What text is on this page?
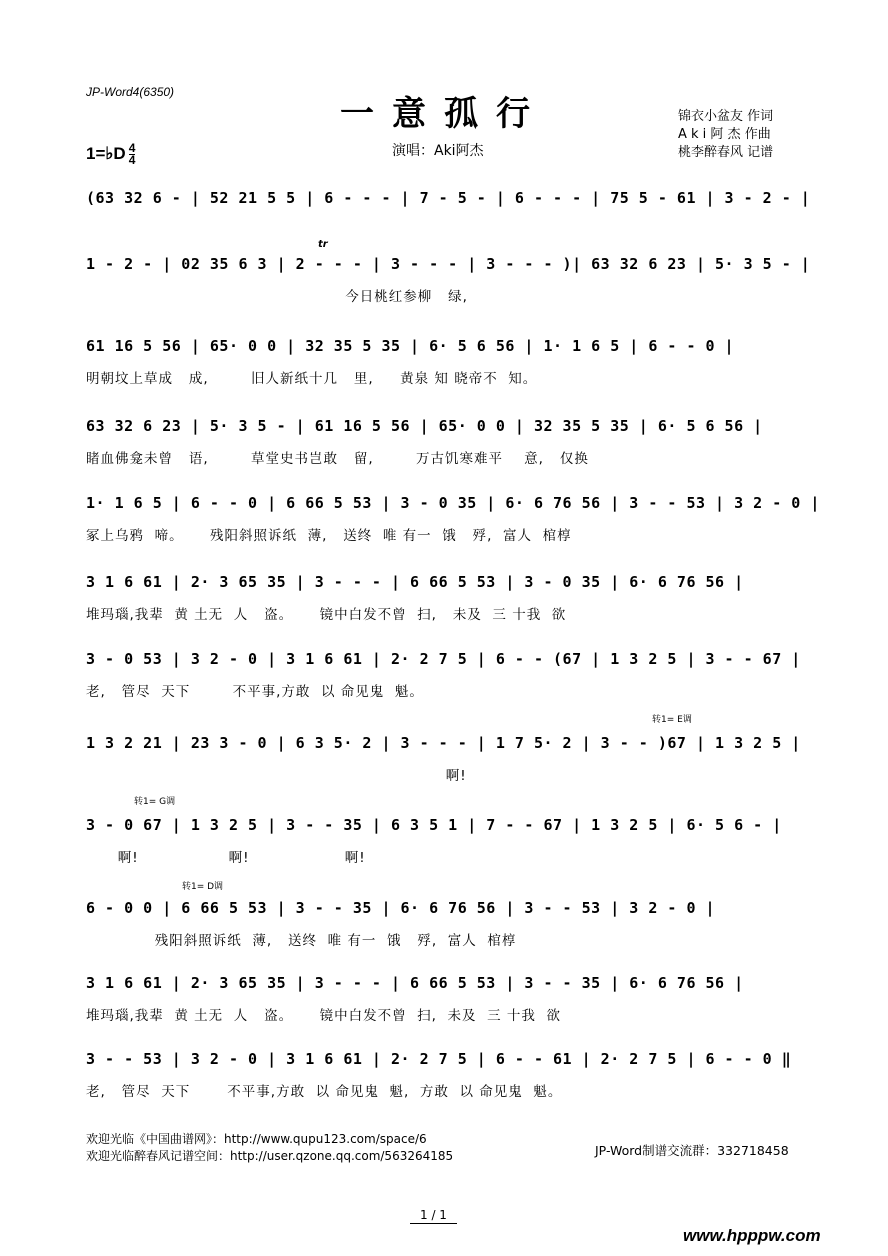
JP-Word4(6350)
一意孤行
1=♭D $\frac{4}{4}$	演唱：Aki阿杰
锦衣小盆友 作词
A k i 阿 杰 作曲
桃李醉春风 记谱
(63 32 6 - | 52 21 5 5 | 6 - - - | 7 - 5 - | 6 - - - | 75 5 - 61 | 3 - 2 - |
tr
1 - 2 - | 02 35 6 3 | 2 - - - | 3 - - - | 3 - - - )| 63 32 6 23 | 5· 3 5 - |
今日桃红参柳   绿,
61 16 5 56 | 65· 0 0 | 32 35 5 35 | 6· 5 6 56 | 1· 1 6 5 | 6 - - 0 |
明朝坟上草成   成,        旧人新纸十几   里,     黄泉 知 晓帝不  知。
63 32 6 23 | 5· 3 5 - | 61 16 5 56 | 65· 0 0 | 32 35 5 35 | 6· 5 6 56 |
睹血佛龛未曾   语,        草堂史书岂敢   留,        万古饥寒难平    意,   仅换
1· 1 6 5 | 6 - - 0 | 6 66 5 53 | 3 - 0 35 | 6· 6 76 56 | 3 - - 53 | 3 2 - 0 |
冢上乌鸦  啼。     残阳斜照诉纸  薄,   送终  唯 有一  饿   殍,  富人  棺椁
3 1 6 61 | 2· 3 65 35 | 3 - - - | 6 66 5 53 | 3 - 0 35 | 6· 6 76 56 |
堆玛瑙,我辈  黄 土无  人   盗。     镜中白发不曾  扫,   未及  三 十我  欲
3 - 0 53 | 3 2 - 0 | 3 1 6 61 | 2· 2 7 5 | 6 - - (67 | 1 3 2 5 | 3 - - 67 |
老,   管尽  天下        不平事,方敢  以 命见鬼  魁。
转1= E调
1 3 2 21 | 23 3 - 0 | 6 3 5· 2 | 3 - - - | 1 7 5· 2 | 3 - - )67 | 1 3 2 5 |
啊!
转1= G调
3 - 0 67 | 1 3 2 5 | 3 - - 35 | 6 3 5 1 | 7 - - 67 | 1 3 2 5 | 6· 5 6 - |
啊!                 啊!                  啊!
转1= D调
6 - 0 0 | 6 66 5 53 | 3 - - 35 | 6· 6 76 56 | 3 - - 53 | 3 2 - 0 |
残阳斜照诉纸  薄,   送终  唯 有一  饿   殍,  富人  棺椁
3 1 6 61 | 2· 3 65 35 | 3 - - - | 6 66 5 53 | 3 - - 35 | 6· 6 76 56 |
堆玛瑙,我辈  黄 土无  人   盗。     镜中白发不曾  扫,  未及  三 十我  欲
3 - - 53 | 3 2 - 0 | 3 1 6 61 | 2· 2 7 5 | 6 - - 61 | 2· 2 7 5 | 6 - - 0 ‖
老,   管尽  天下       不平事,方敢  以 命见鬼  魁,  方敢  以 命见鬼  魁。
欢迎光临《中国曲谱网》：http://www.qupu123.com/space/6
欢迎光临醉春风记谱空间：http://user.qzone.qq.com/563264185	JP-Word制谱交流群：332718458
1 / 1
www.hpppw.com
